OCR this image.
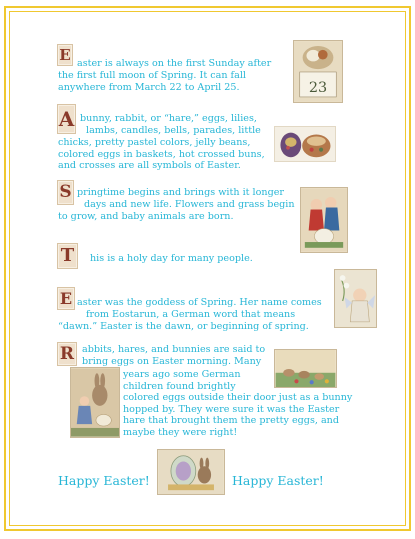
E aster is always on the first Sunday after
the first full moon of Spring. It can fall
anywhere from March 22 to April 25.	23
A bunny, rabbit, or “hare,” eggs, lilies,
lambs, candles, bells, parades, little
chicks, pretty pastel colors, jelly beans,
colored eggs in baskets, hot crossed buns,
and crosses are all symbols of Easter.
S pringtime begins and brings with it longer
days and new life. Flowers and grass begin
to grow, and baby animals are born.
T his is a holy day for many people.
E aster was the goddess of Spring. Her name comes
from Eostarun, a German word that means
“dawn.” Easter is the dawn, or beginning of spring.
R abbits, hares, and bunnies are said to
bring eggs on Easter morning. Many
years ago some German
children found brightly
colored eggs outside their door just as a bunny
hopped by. They were sure it was the Easter
hare that brought them the pretty eggs, and
maybe they were right!
Happy Easter!	Happy Easter!
